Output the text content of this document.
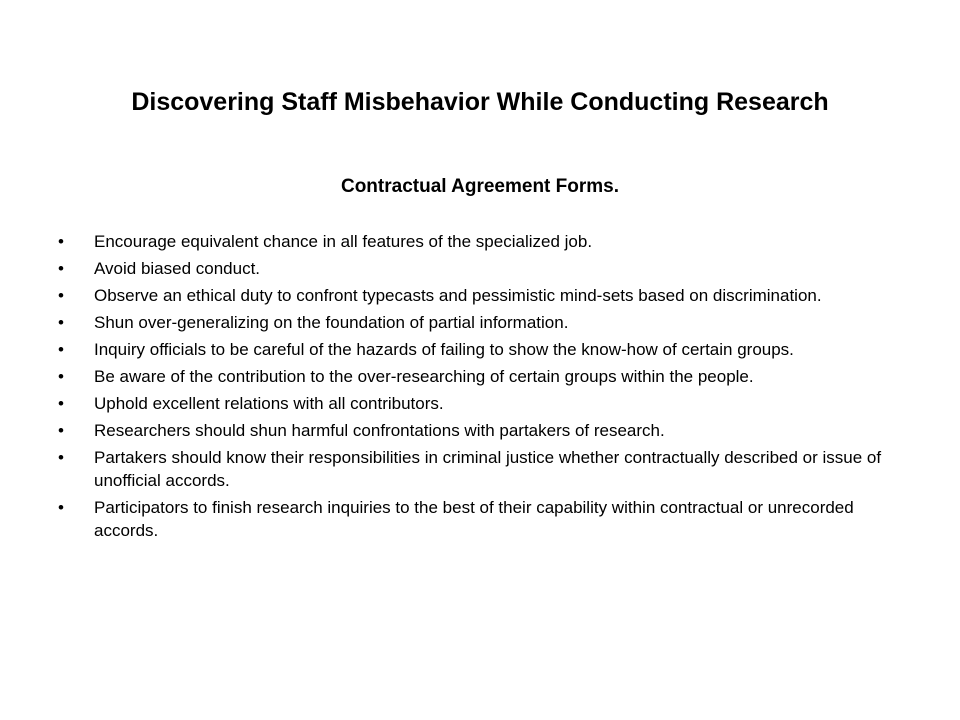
Discovering Staff Misbehavior While Conducting Research
Contractual Agreement Forms.
•	Encourage equivalent chance in all features of the specialized job.
•	Avoid biased conduct.
•	Observe an ethical duty to confront typecasts and pessimistic mind-sets based on discrimination.
•	Shun over-generalizing on the foundation of partial information.
•	Inquiry officials to be careful of the hazards of failing to show the know-how of certain groups.
•	Be aware of the contribution to the over-researching of certain groups within the people.
•	Uphold excellent relations with all contributors.
•	Researchers should shun harmful confrontations with partakers of research.
•	Partakers should know their responsibilities in criminal justice whether contractually described or issue of unofficial accords.
•	Participators to finish research inquiries to the best of their capability within contractual or unrecorded accords.
